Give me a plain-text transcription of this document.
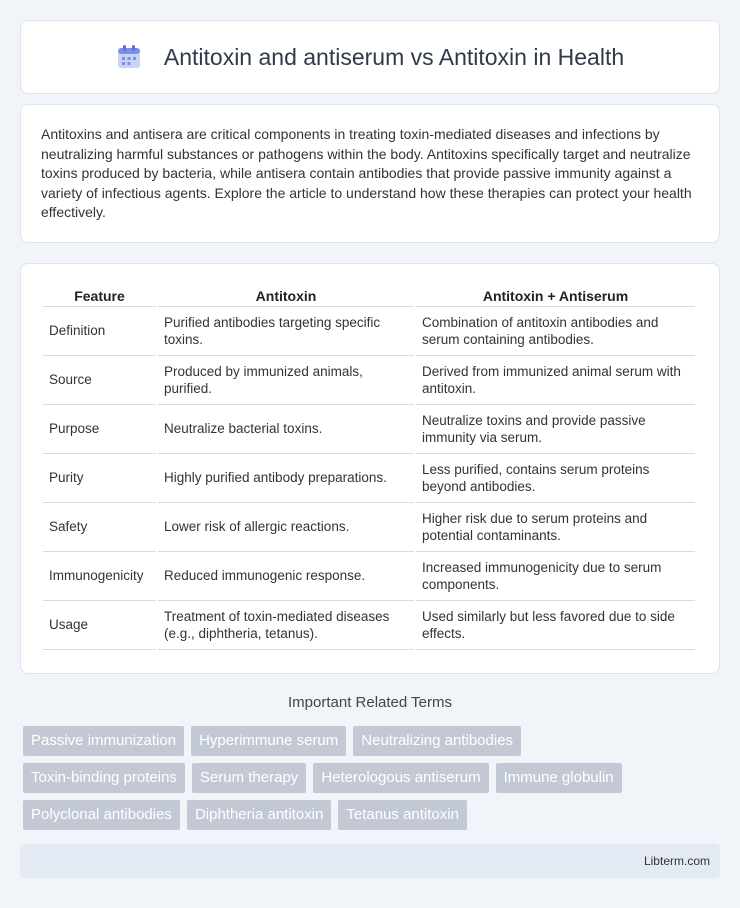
Antitoxin and antiserum vs Antitoxin in Health

Antitoxins and antisera are critical components in treating toxin-mediated diseases and infections by neutralizing harmful substances or pathogens within the body. Antitoxins specifically target and neutralize toxins produced by bacteria, while antisera contain antibodies that provide passive immunity against a variety of infectious agents. Explore the article to understand how these therapies can protect your health effectively.

Feature	Antitoxin	Antitoxin + Antiserum
Definition	Purified antibodies targeting specific toxins.	Combination of antitoxin antibodies and serum containing antibodies.
Source	Produced by immunized animals, purified.	Derived from immunized animal serum with antitoxin.
Purpose	Neutralize bacterial toxins.	Neutralize toxins and provide passive immunity via serum.
Purity	Highly purified antibody preparations.	Less purified, contains serum proteins beyond antibodies.
Safety	Lower risk of allergic reactions.	Higher risk due to serum proteins and potential contaminants.
Immunogenicity	Reduced immunogenic response.	Increased immunogenicity due to serum components.
Usage	Treatment of toxin-mediated diseases (e.g., diphtheria, tetanus).	Used similarly but less favored due to side effects.
Important Related Terms
Passive immunization	Hyperimmune serum	Neutralizing antibodies
Toxin-binding proteins	Serum therapy	Heterologous antiserum	Immune globulin
Polyclonal antibodies	Diphtheria antitoxin	Tetanus antitoxin
Libterm.com
